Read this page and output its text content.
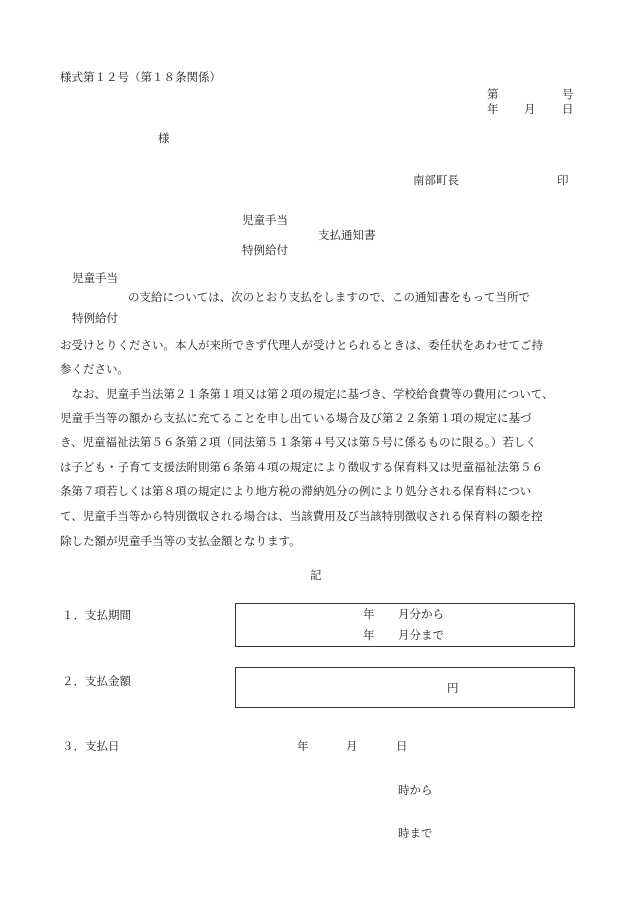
様式第１２号（第１８条関係）
第	号
年 月 日
様
南部町長	印
児童手当
支払通知書
特例給付
児童手当
の支給については、次のとおり支払をしますので、この通知書をもって当所で
特例給付
お受けとりください。本人が来所できず代理人が受けとられるときは、委任状をあわせてご持
参ください。
　なお、児童手当法第２１条第１項又は第２項の規定に基づき、学校給食費等の費用について、
児童手当等の額から支払に充てることを申し出ている場合及び第２２条第１項の規定に基づ
き、児童福祉法第５６条第２項（同法第５１条第４号又は第５号に係るものに限る。）若しく
は子ども・子育て支援法附則第６条第４項の規定により徴収する保育料又は児童福祉法第５６
条第７項若しくは第８項の規定により地方税の滞納処分の例により処分される保育料につい
て、児童手当等から特別徴収される場合は、当該費用及び当該特別徴収される保育料の額を控
除した額が児童手当等の支払金額となります。
記
１．支払期間	年 月分から
年 月分まで
２．支払金額	円
３．支払日	年	月	日
時から
時まで
